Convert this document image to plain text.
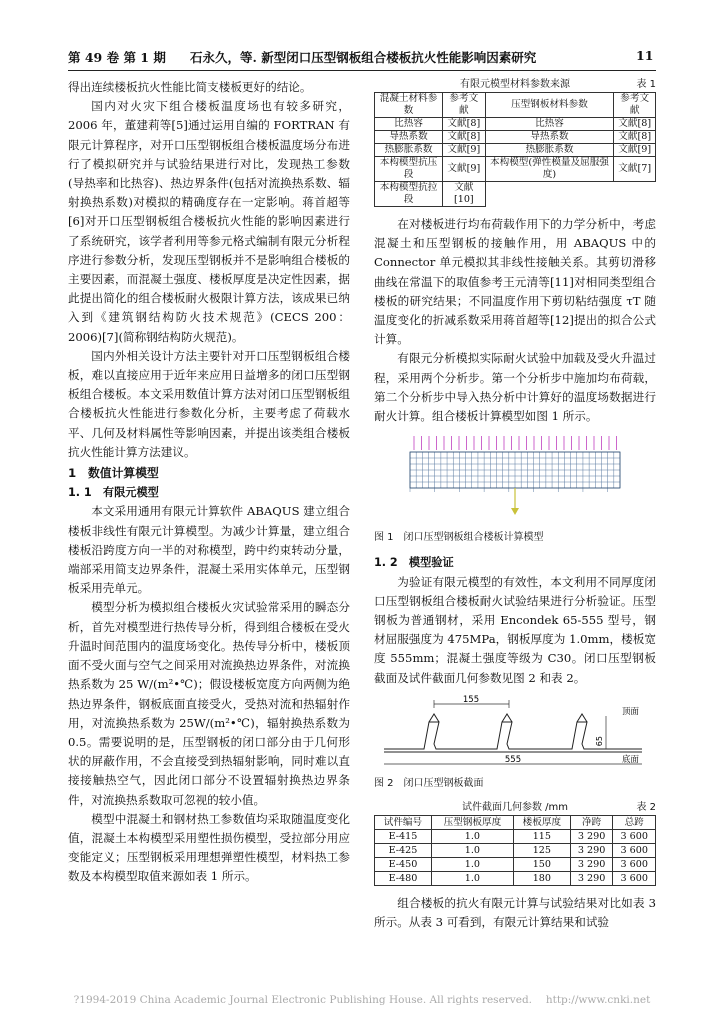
第 49 卷 第 1 期 石永久，等. 新型闭口压型钢板组合楼板抗火性能影响因素研究	11

得出连续楼板抗火性能比简支楼板更好的结论。

国内对火灾下组合楼板温度场也有较多研究，2006 年，董建莉等[5]通过运用自编的 FORTRAN 有限元计算程序，对开口压型钢板组合楼板温度场分布进行了模拟研究并与试验结果进行对比，发现热工参数(导热率和比热容)、热边界条件(包括对流换热系数、辐射换热系数)对模拟的精确度存在一定影响。蒋首超等[6]对开口压型钢板组合楼板抗火性能的影响因素进行了系统研究，该学者利用等参元格式编制有限元分析程序进行参数分析，发现压型钢板并不是影响组合楼板的主要因素，而混凝土强度、楼板厚度是决定性因素，据此提出简化的组合楼板耐火极限计算方法，该成果已纳入到《建筑钢结构防火技术规范》(CECS 200：2006)[7](简称钢结构防火规范)。

国内外相关设计方法主要针对开口压型钢板组合楼板，难以直接应用于近年来应用日益增多的闭口压型钢板组合楼板。本文采用数值计算方法对闭口压型钢板组合楼板抗火性能进行参数化分析，主要考虑了荷载水平、几何及材料属性等影响因素，并提出该类组合楼板抗火性能计算方法建议。

1　数值计算模型

1. 1　有限元模型

本文采用通用有限元计算软件 ABAQUS 建立组合楼板非线性有限元计算模型。为减少计算量，建立组合楼板沿跨度方向一半的对称模型，跨中约束转动分量，端部采用简支边界条件，混凝土采用实体单元，压型钢板采用壳单元。

模型分析为模拟组合楼板火灾试验常采用的瞬态分析，首先对模型进行热传导分析，得到组合楼板在受火升温时间范围内的温度场变化。热传导分析中，楼板顶面不受火面与空气之间采用对流换热边界条件，对流换热系数为 25 W/(m²•℃)；假设楼板宽度方向两侧为绝热边界条件，钢板底面直接受火，受热对流和热辐射作用，对流换热系数为 25W/(m²•℃)，辐射换热系数为 0.5。需要说明的是，压型钢板的闭口部分由于几何形状的屏蔽作用，不会直接受到热辐射影响，同时难以直接接触热空气，因此闭口部分不设置辐射换热边界条件，对流换热系数取可忽视的较小值。

模型中混凝土和钢材热工参数值均采取随温度变化值，混凝土本构模型采用塑性损伤模型，受拉部分用应变能定义；压型钢板采用理想弹塑性模型，材料热工参数及本构模型取值来源如表 1 所示。

有限元模型材料参数来源	表 1
混凝土材料参数	参考文献	压型钢板材料参数	参考文献
比热容	文献[8]	比热容	文献[8]
导热系数	文献[8]	导热系数	文献[8]
热膨胀系数	文献[9]	热膨胀系数	文献[9]
本构模型抗压段	文献[9]	本构模型(弹性模量及屈服强度)	文献[7]
本构模型抗拉段	文献[10]		

在对楼板进行均布荷载作用下的力学分析中，考虑混凝土和压型钢板的接触作用，用 ABAQUS 中的 Connector 单元模拟其非线性接触关系。其剪切滑移曲线在常温下的取值参考王元清等[11]对相同类型组合楼板的研究结果；不同温度作用下剪切粘结强度 τT 随温度变化的折减系数采用蒋首超等[12]提出的拟合公式计算。

有限元分析模拟实际耐火试验中加载及受火升温过程，采用两个分析步。第一个分析步中施加均布荷载，第二个分析步中导入热分析中计算好的温度场数据进行耐火计算。组合楼板计算模型如图 1 所示。

图 1　闭口压型钢板组合楼板计算模型

1. 2　模型验证

为验证有限元模型的有效性，本文利用不同厚度闭口压型钢板组合楼板耐火试验结果进行分析验证。压型钢板为普通钢材，采用 Encondek 65-555 型号，钢材屈服强度为 475MPa，钢板厚度为 1.0mm，楼板宽度 555mm；混凝土强度等级为 C30。闭口压型钢板截面及试件截面几何参数见图 2 和表 2。

155
65
顶面
底面
555

图 2　闭口压型钢板截面

试件截面几何参数 /mm	表 2
试件编号	压型钢板厚度	楼板厚度	净跨	总跨
E-415	1.0	115	3 290	3 600
E-425	1.0	125	3 290	3 600
E-450	1.0	150	3 290	3 600
E-480	1.0	180	3 290	3 600

组合楼板的抗火有限元计算与试验结果对比如表 3 所示。从表 3 可看到，有限元计算结果和试验

?1994-2019 China Academic Journal Electronic Publishing House. All rights reserved.　 http://www.cnki.net
